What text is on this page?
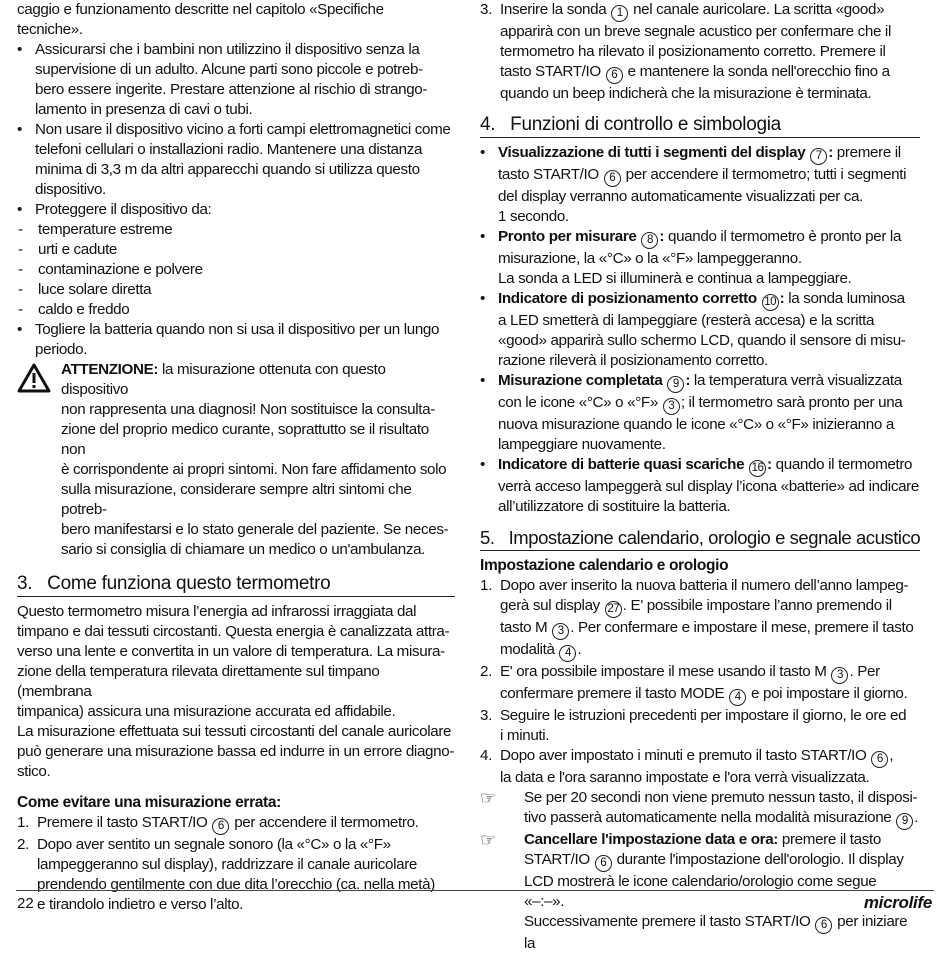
caggio e funzionamento descritte nel capitolo «Specifiche

tecniche».

• Assicurarsi che i bambini non utilizzino il dispositivo senza la

supervisione di un adulto. Alcune parti sono piccole e potreb-

bero essere ingerite. Prestare attenzione al rischio di strango-

lamento in presenza di cavi o tubi.

• Non usare il dispositivo vicino a forti campi elettromagnetici come

telefoni cellulari o installazioni radio. Mantenere una distanza

minima di 3,3 m da altri apparecchi quando si utilizza questo

dispositivo.

• Proteggere il dispositivo da:

-	temperature estreme
-	urti e cadute
-	contaminazione e polvere
-	luce solare diretta
-	caldo e freddo
• Togliere la batteria quando non si usa il dispositivo per un lungo

periodo.

ATTENZIONE: la misurazione ottenuta con questo dispositivo

non rappresenta una diagnosi! Non sostituisce la consulta-

zione del proprio medico curante, soprattutto se il risultato non

è corrispondente ai propri sintomi. Non fare affidamento solo

sulla misurazione, considerare sempre altri sintomi che potreb-

bero manifestarsi e lo stato generale del paziente. Se neces-

sario si consiglia di chiamare un medico o un'ambulanza.

3.   Come funziona questo termometro

Questo termometro misura l’energia ad infrarossi irraggiata dal

timpano e dai tessuti circostanti. Questa energia è canalizzata attra-

verso una lente e convertita in un valore di temperatura. La misura-

zione della temperatura rilevata direttamente sul timpano (membrana

timpanica) assicura una misurazione accurata ed affidabile.

La misurazione effettuata sui tessuti circostanti del canale auricolare

può generare una misurazione bassa ed indurre in un errore diagno-

stico.

Come evitare una misurazione errata:
1. Premere il tasto START/IO 6 per accendere il termometro.
2. Dopo aver sentito un segnale sonoro (la «°C» o la «°F»

lampeggeranno sul display), raddrizzare il canale auricolare

prendendo gentilmente con due dita l’orecchio (ca. nella metà)

e tirandolo indietro e verso l’alto.

3. Inserire la sonda 1 nel canale auricolare. La scritta «good»

apparirà con un breve segnale acustico per confermare che il

termometro ha rilevato il posizionamento corretto. Premere il

tasto START/IO 6 e mantenere la sonda nell'orecchio fino a

quando un beep indicherà che la misurazione è terminata.

4.   Funzioni di controllo e simbologia
• Visualizzazione di tutti i segmenti del display 7 : premere il

tasto START/IO 6 per accendere il termometro; tutti i segmenti

del display verranno automaticamente visualizzati per ca.

1 secondo.

• Pronto per misurare 8 : quando il termometro è pronto per la

misurazione, la «°C» o la «°F» lampeggeranno.

La sonda a LED si illuminerà e continua a lampeggiare.

• Indicatore di posizionamento corretto 10 : la sonda luminosa

a LED smetterà di lampeggiare (resterà accesa) e la scritta

«good» apparirà sullo schermo LCD, quando il sensore di misu-

razione rileverà il posizionamento corretto.

• Misurazione completata 9 : la temperatura verrà visualizzata

con le icone «°C» o «°F» 3 ; il termometro sarà pronto per una

nuova misurazione quando le icone «°C» o «°F» inizieranno a

lampeggiare nuovamente.

• Indicatore di batterie quasi scariche 16 : quando il termometro

verrà acceso lampeggerà sul display l’icona «batterie» ad indicare

all’utilizzatore di sostituire la batteria.

5.   Impostazione calendario, orologio e segnale acustico
Impostazione calendario e orologio
1. Dopo aver inserito la nuova batteria il numero dell’anno lampeg-

gerà sul display 27 . E' possibile impostare l’anno premendo il

tasto M 3 . Per confermare e impostare il mese, premere il tasto

modalità 4 .

2. E' ora possibile impostare il mese usando il tasto M 3 . Per

confermare premere il tasto MODE 4 e poi impostare il giorno.

3. Seguire le istruzioni precedenti per impostare il giorno, le ore ed

i minuti.

4. Dopo aver impostato i minuti e premuto il tasto START/IO 6 ,

la data e l'ora saranno impostate e l'ora verrà visualizzata.

☞	Se per 20 secondi non viene premuto nessun tasto, il disposi-

tivo passerà automaticamente nella modalità misurazione 9 .

☞	Cancellare l'impostazione data e ora: premere il tasto

START/IO 6 durante l'impostazione dell'orologio. Il display

LCD mostrerà le icone calendario/orologio come segue «–:–».

Successivamente premere il tasto START/IO 6 per iniziare la

22	microlife
